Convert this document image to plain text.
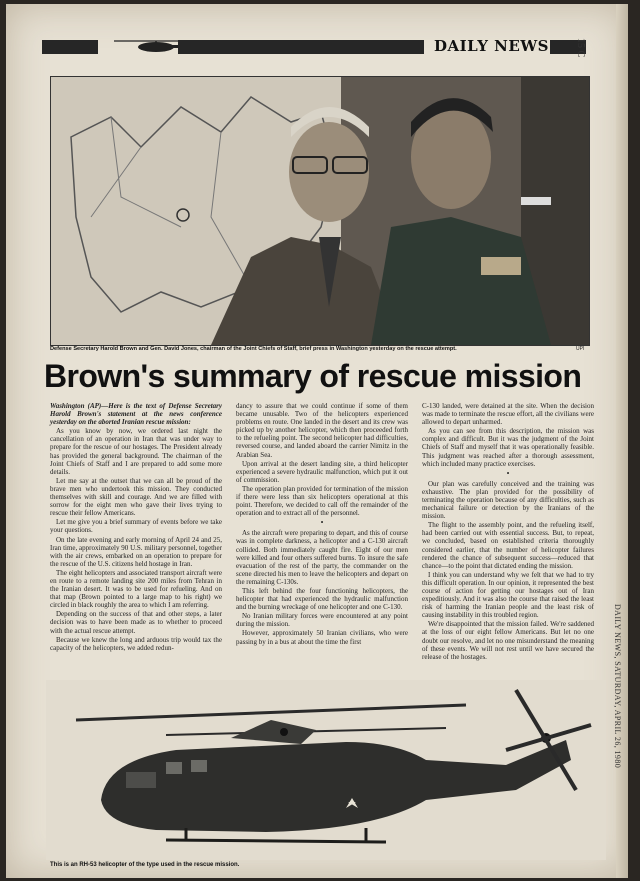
DAILY NEWS	15 C
Defense Secretary Harold Brown and Gen. David Jones, chairman of the Joint Chiefs of Staff, brief press in Washington yesterday on the rescue attempt.	UPI
Brown's summary of rescue mission

Washington (AP)—Here is the text of Defense Secretary Harold Brown's statement at the news conference yesterday on the aborted Iranian rescue mission:

As you know by now, we ordered last night the cancellation of an operation in Iran that was under way to prepare for the rescue of our hostages. The President already has provided the general background. The chairman of the Joint Chiefs of Staff and I are prepared to add some more details.

Let me say at the outset that we can all be proud of the brave men who undertook this mission. They conducted themselves with skill and courage. And we are filled with sorrow for the eight men who gave their lives trying to rescue their fellow Americans.

Let me give you a brief summary of events before we take your questions.

On the late evening and early morning of April 24 and 25, Iran time, approximately 90 U.S. military personnel, together with the air crews, embarked on an operation to prepare for the rescue of the U.S. citizens held hostage in Iran.

The eight helicopters and associated transport aircraft were en route to a remote landing site 200 miles from Tehran in the Iranian desert. It was to be used for refueling. And on that map (Brown pointed to a large map to his right) we circled in black roughly the area to which I am referring.

Depending on the success of that and other steps, a later decision was to have been made as to whether to proceed with the actual rescue attempt.

Because we knew the long and arduous trip would tax the capacity of the helicopters, we added redun-

dancy to assure that we could continue if some of them became unusable. Two of the helicopters experienced problems en route. One landed in the desert and its crew was picked up by another helicopter, which then proceeded forth to the refueling point. The second helicopter had difficulties, reversed course, and landed aboard the carrier Nimitz in the Arabian Sea.

Upon arrival at the desert landing site, a third helicopter experienced a severe hydraulic malfunction, which put it out of commission.

The operation plan provided for termination of the mission if there were less than six helicopters operational at this point. Therefore, we decided to call off the remainder of the operation and to extract all of the personnel.

•

As the aircraft were preparing to depart, and this of course was in complete darkness, a helicopter and a C-130 aircraft collided. Both immediately caught fire. Eight of our men were killed and four others suffered burns. To insure the safe evacuation of the rest of the party, the commander on the scene directed his men to leave the helicopters and depart on the remaining C-130s.

This left behind the four functioning helicopters, the helicopter that had experienced the hydraulic malfunction and the burning wreckage of one helicopter and one C-130.

No Iranian military forces were encountered at any point during the mission.

However, approximately 50 Iranian civilians, who were passing by in a bus at about the time the first

C-130 landed, were detained at the site. When the decision was made to terminate the rescue effort, all the civilians were allowed to depart unharmed.

As you can see from this description, the mission was complex and difficult. But it was the judgment of the Joint Chiefs of Staff and myself that it was operationally feasible. This judgment was reached after a thorough assessment, which included many practice exercises.

•

Our plan was carefully conceived and the training was exhaustive. The plan provided for the possibility of terminating the operation because of any difficulties, such as mechanical failure or detection by the Iranians of the mission.

The flight to the assembly point, and the refueling itself, had been carried out with essential success. But, to repeat, we concluded, based on established criteria thoroughly considered earlier, that the number of helicopter failures rendered the chance of subsequent success—reduced that chance—to the point that dictated ending the mission.

I think you can understand why we felt that we had to try this difficult operation. In our opinion, it represented the best course of action for getting our hostages out of Iran expeditiously. And it was also the course that raised the least risk of harming the Iranian people and the least risk of causing instability in this troubled region.

We're disappointed that the mission failed. We're saddened at the loss of our eight fellow Americans. But let no one doubt our resolve, and let no one misunderstand the meaning of these events. We will not rest until we have secured the release of the hostages.

This is an RH-53 helicopter of the type used in the rescue mission.
DAILY NEWS, SATURDAY, APRIL 26, 1980
